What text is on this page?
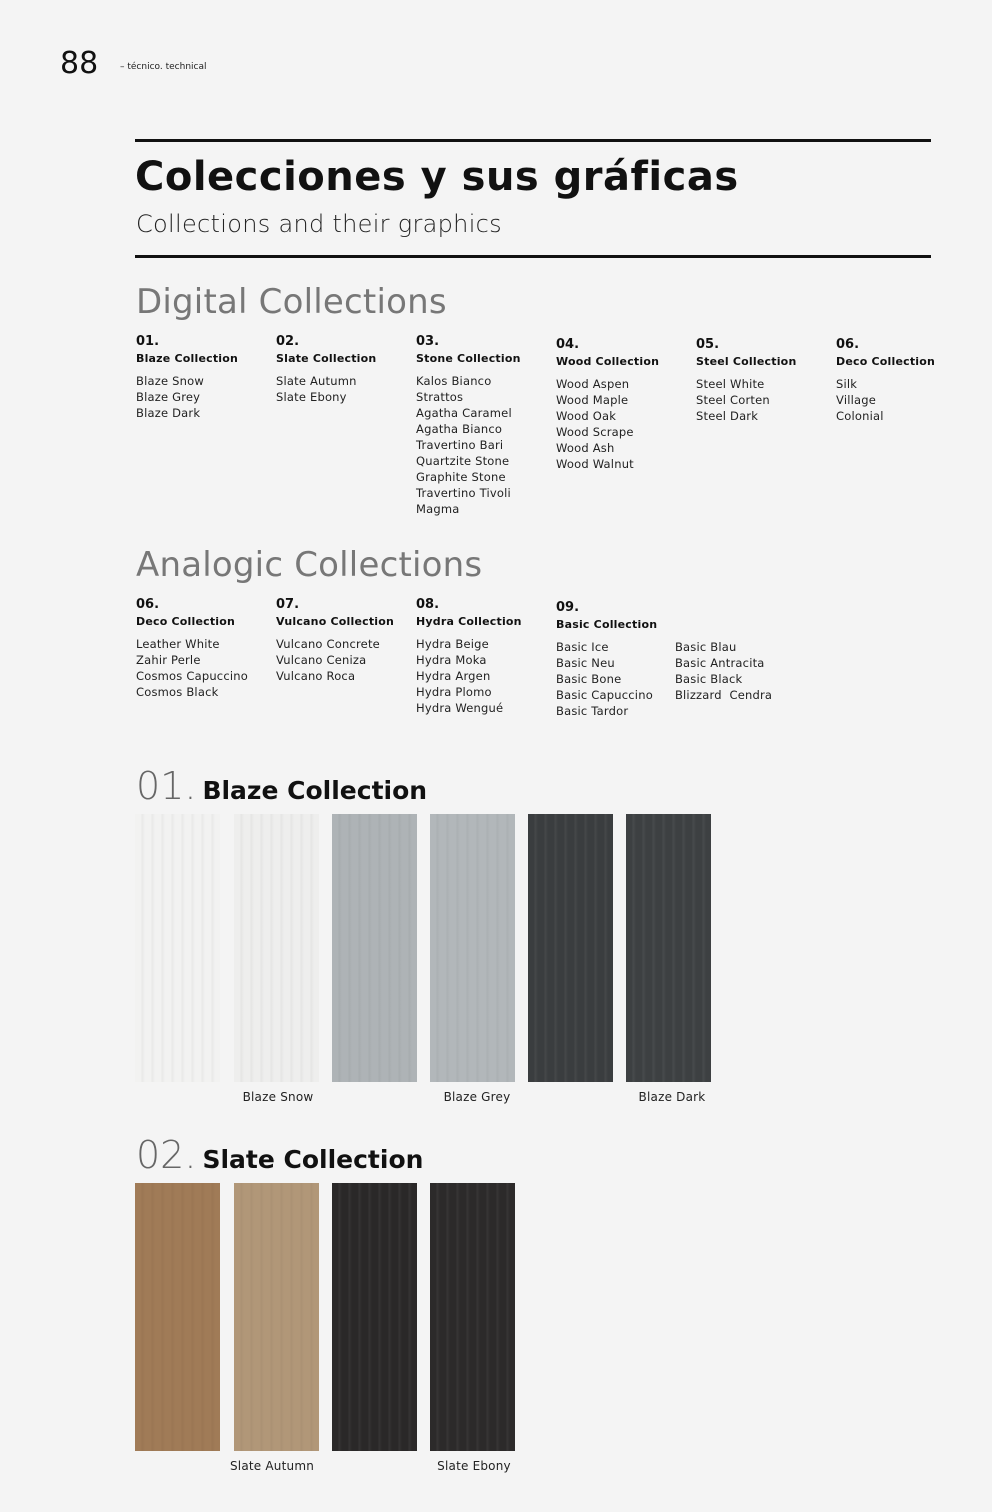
88 – técnico. technical
Colecciones y sus gráficas
Collections and their graphics
Digital Collections
01.
Blaze Collection
Blaze Snow
Blaze Grey
Blaze Dark
02.
Slate Collection
Slate Autumn
Slate Ebony
03.
Stone Collection
Kalos Bianco
Strattos
Agatha Caramel
Agatha Bianco
Travertino Bari
Quartzite Stone
Graphite Stone
Travertino Tivoli
Magma
04.
Wood Collection
Wood Aspen
Wood Maple
Wood Oak
Wood Scrape
Wood Ash
Wood Walnut
05.
Steel Collection
Steel White
Steel Corten
Steel Dark
06.
Deco Collection
Silk
Village
Colonial
Analogic Collections
06.
Deco Collection
Leather White
Zahir Perle
Cosmos Capuccino
Cosmos Black
07.
Vulcano Collection
Vulcano Concrete
Vulcano Ceniza
Vulcano Roca
08.
Hydra Collection
Hydra Beige
Hydra Moka
Hydra Argen
Hydra Plomo
Hydra Wengué
09.
Basic Collection
Basic Ice
Basic Neu
Basic Bone
Basic Capuccino
Basic Tardor
Basic Blau
Basic Antracita
Basic Black
Blizzard  Cendra
01. Blaze Collection
Blaze Snow	Blaze Grey	Blaze Dark
02. Slate Collection
Slate Autumn	Slate Ebony
